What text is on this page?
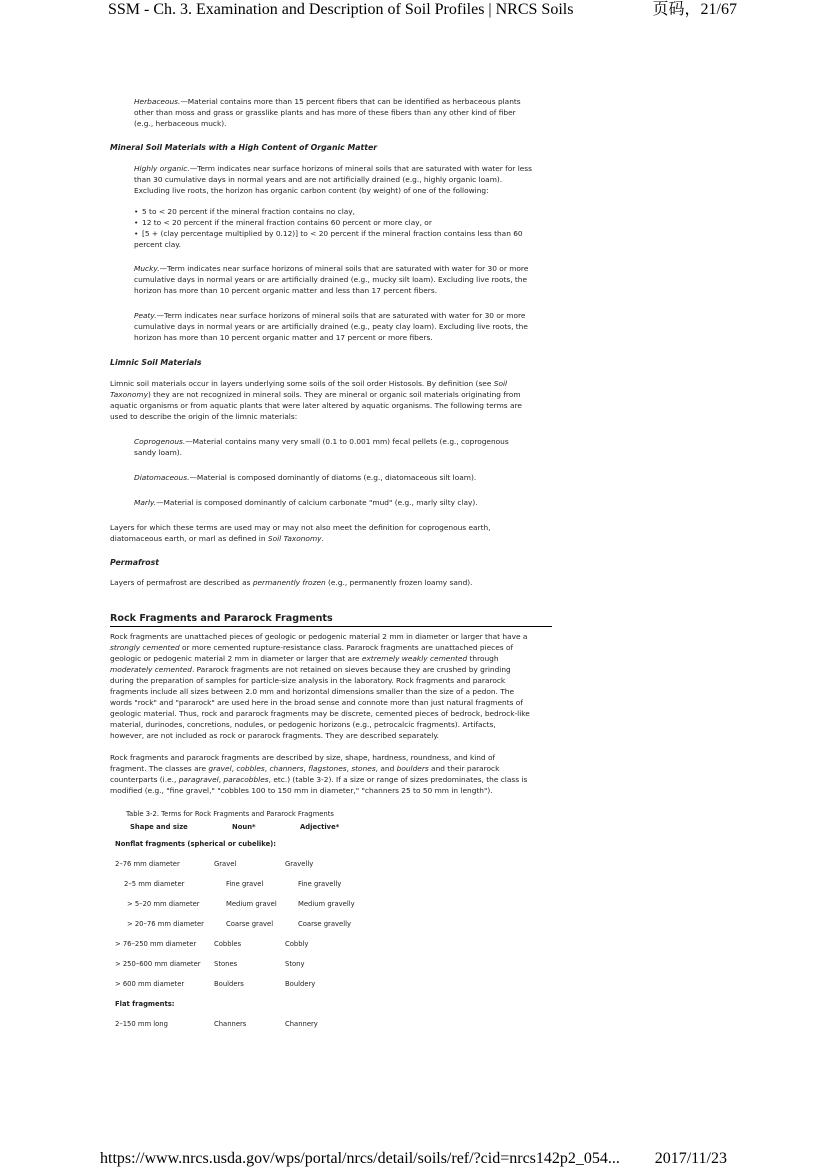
SSM - Ch. 3. Examination and Description of Soil Profiles | NRCS Soils	页码，21/67

Herbaceous.—Material contains more than 15 percent fibers that can be identified as herbaceous plants
other than moss and grass or grasslike plants and has more of these fibers than any other kind of fiber
(e.g., herbaceous muck).

Mineral Soil Materials with a High Content of Organic Matter

Highly organic.—Term indicates near surface horizons of mineral soils that are saturated with water for less
than 30 cumulative days in normal years and are not artificially drained (e.g., highly organic loam).
Excluding live roots, the horizon has organic carbon content (by weight) of one of the following:

• 5 to < 20 percent if the mineral fraction contains no clay,
• 12 to < 20 percent if the mineral fraction contains 60 percent or more clay, or
• [5 + (clay percentage multiplied by 0.12)] to < 20 percent if the mineral fraction contains less than 60
percent clay.

Mucky.—Term indicates near surface horizons of mineral soils that are saturated with water for 30 or more
cumulative days in normal years or are artificially drained (e.g., mucky silt loam). Excluding live roots, the
horizon has more than 10 percent organic matter and less than 17 percent fibers.

Peaty.—Term indicates near surface horizons of mineral soils that are saturated with water for 30 or more
cumulative days in normal years or are artificially drained (e.g., peaty clay loam). Excluding live roots, the
horizon has more than 10 percent organic matter and 17 percent or more fibers.

Limnic Soil Materials

Limnic soil materials occur in layers underlying some soils of the soil order Histosols. By definition (see Soil
Taxonomy) they are not recognized in mineral soils. They are mineral or organic soil materials originating from
aquatic organisms or from aquatic plants that were later altered by aquatic organisms. The following terms are
used to describe the origin of the limnic materials:

Coprogenous.—Material contains many very small (0.1 to 0.001 mm) fecal pellets (e.g., coprogenous
sandy loam).

Diatomaceous.—Material is composed dominantly of diatoms (e.g., diatomaceous silt loam).

Marly.—Material is composed dominantly of calcium carbonate "mud" (e.g., marly silty clay).

Layers for which these terms are used may or may not also meet the definition for coprogenous earth,
diatomaceous earth, or marl as defined in Soil Taxonomy.

Permafrost

Layers of permafrost are described as permanently frozen (e.g., permanently frozen loamy sand).

Rock Fragments and Pararock Fragments

Rock fragments are unattached pieces of geologic or pedogenic material 2 mm in diameter or larger that have a
strongly cemented or more cemented rupture-resistance class. Pararock fragments are unattached pieces of
geologic or pedogenic material 2 mm in diameter or larger that are extremely weakly cemented through
moderately cemented. Pararock fragments are not retained on sieves because they are crushed by grinding
during the preparation of samples for particle-size analysis in the laboratory. Rock fragments and pararock
fragments include all sizes between 2.0 mm and horizontal dimensions smaller than the size of a pedon. The
words "rock" and "pararock" are used here in the broad sense and connote more than just natural fragments of
geologic material. Thus, rock and pararock fragments may be discrete, cemented pieces of bedrock, bedrock-like
material, durinodes, concretions, nodules, or pedogenic horizons (e.g., petrocalcic fragments). Artifacts,
however, are not included as rock or pararock fragments. They are described separately.

Rock fragments and pararock fragments are described by size, shape, hardness, roundness, and kind of
fragment. The classes are gravel, cobbles, channers, flagstones, stones, and boulders and their pararock
counterparts (i.e., paragravel, paracobbles, etc.) (table 3-2). If a size or range of sizes predominates, the class is
modified (e.g., "fine gravel," "cobbles 100 to 150 mm in diameter," "channers 25 to 50 mm in length").

Table 3-2. Terms for Rock Fragments and Pararock Fragments

Shape and size	Noun*	Adjective*
Nonflat fragments (spherical or cubelike):
2–76 mm diameter	Gravel	Gravelly
2–5 mm diameter	Fine gravel	Fine gravelly
> 5–20 mm diameter	Medium gravel	Medium gravelly
> 20–76 mm diameter	Coarse gravel	Coarse gravelly
> 76–250 mm diameter	Cobbles	Cobbly
> 250–600 mm diameter Stones	Stony
> 600 mm diameter	Boulders	Bouldery
Flat fragments:
2–150 mm long	Channers	Channery
https://www.nrcs.usda.gov/wps/portal/nrcs/detail/soils/ref/?cid=nrcs142p2_054... 2017/11/23
